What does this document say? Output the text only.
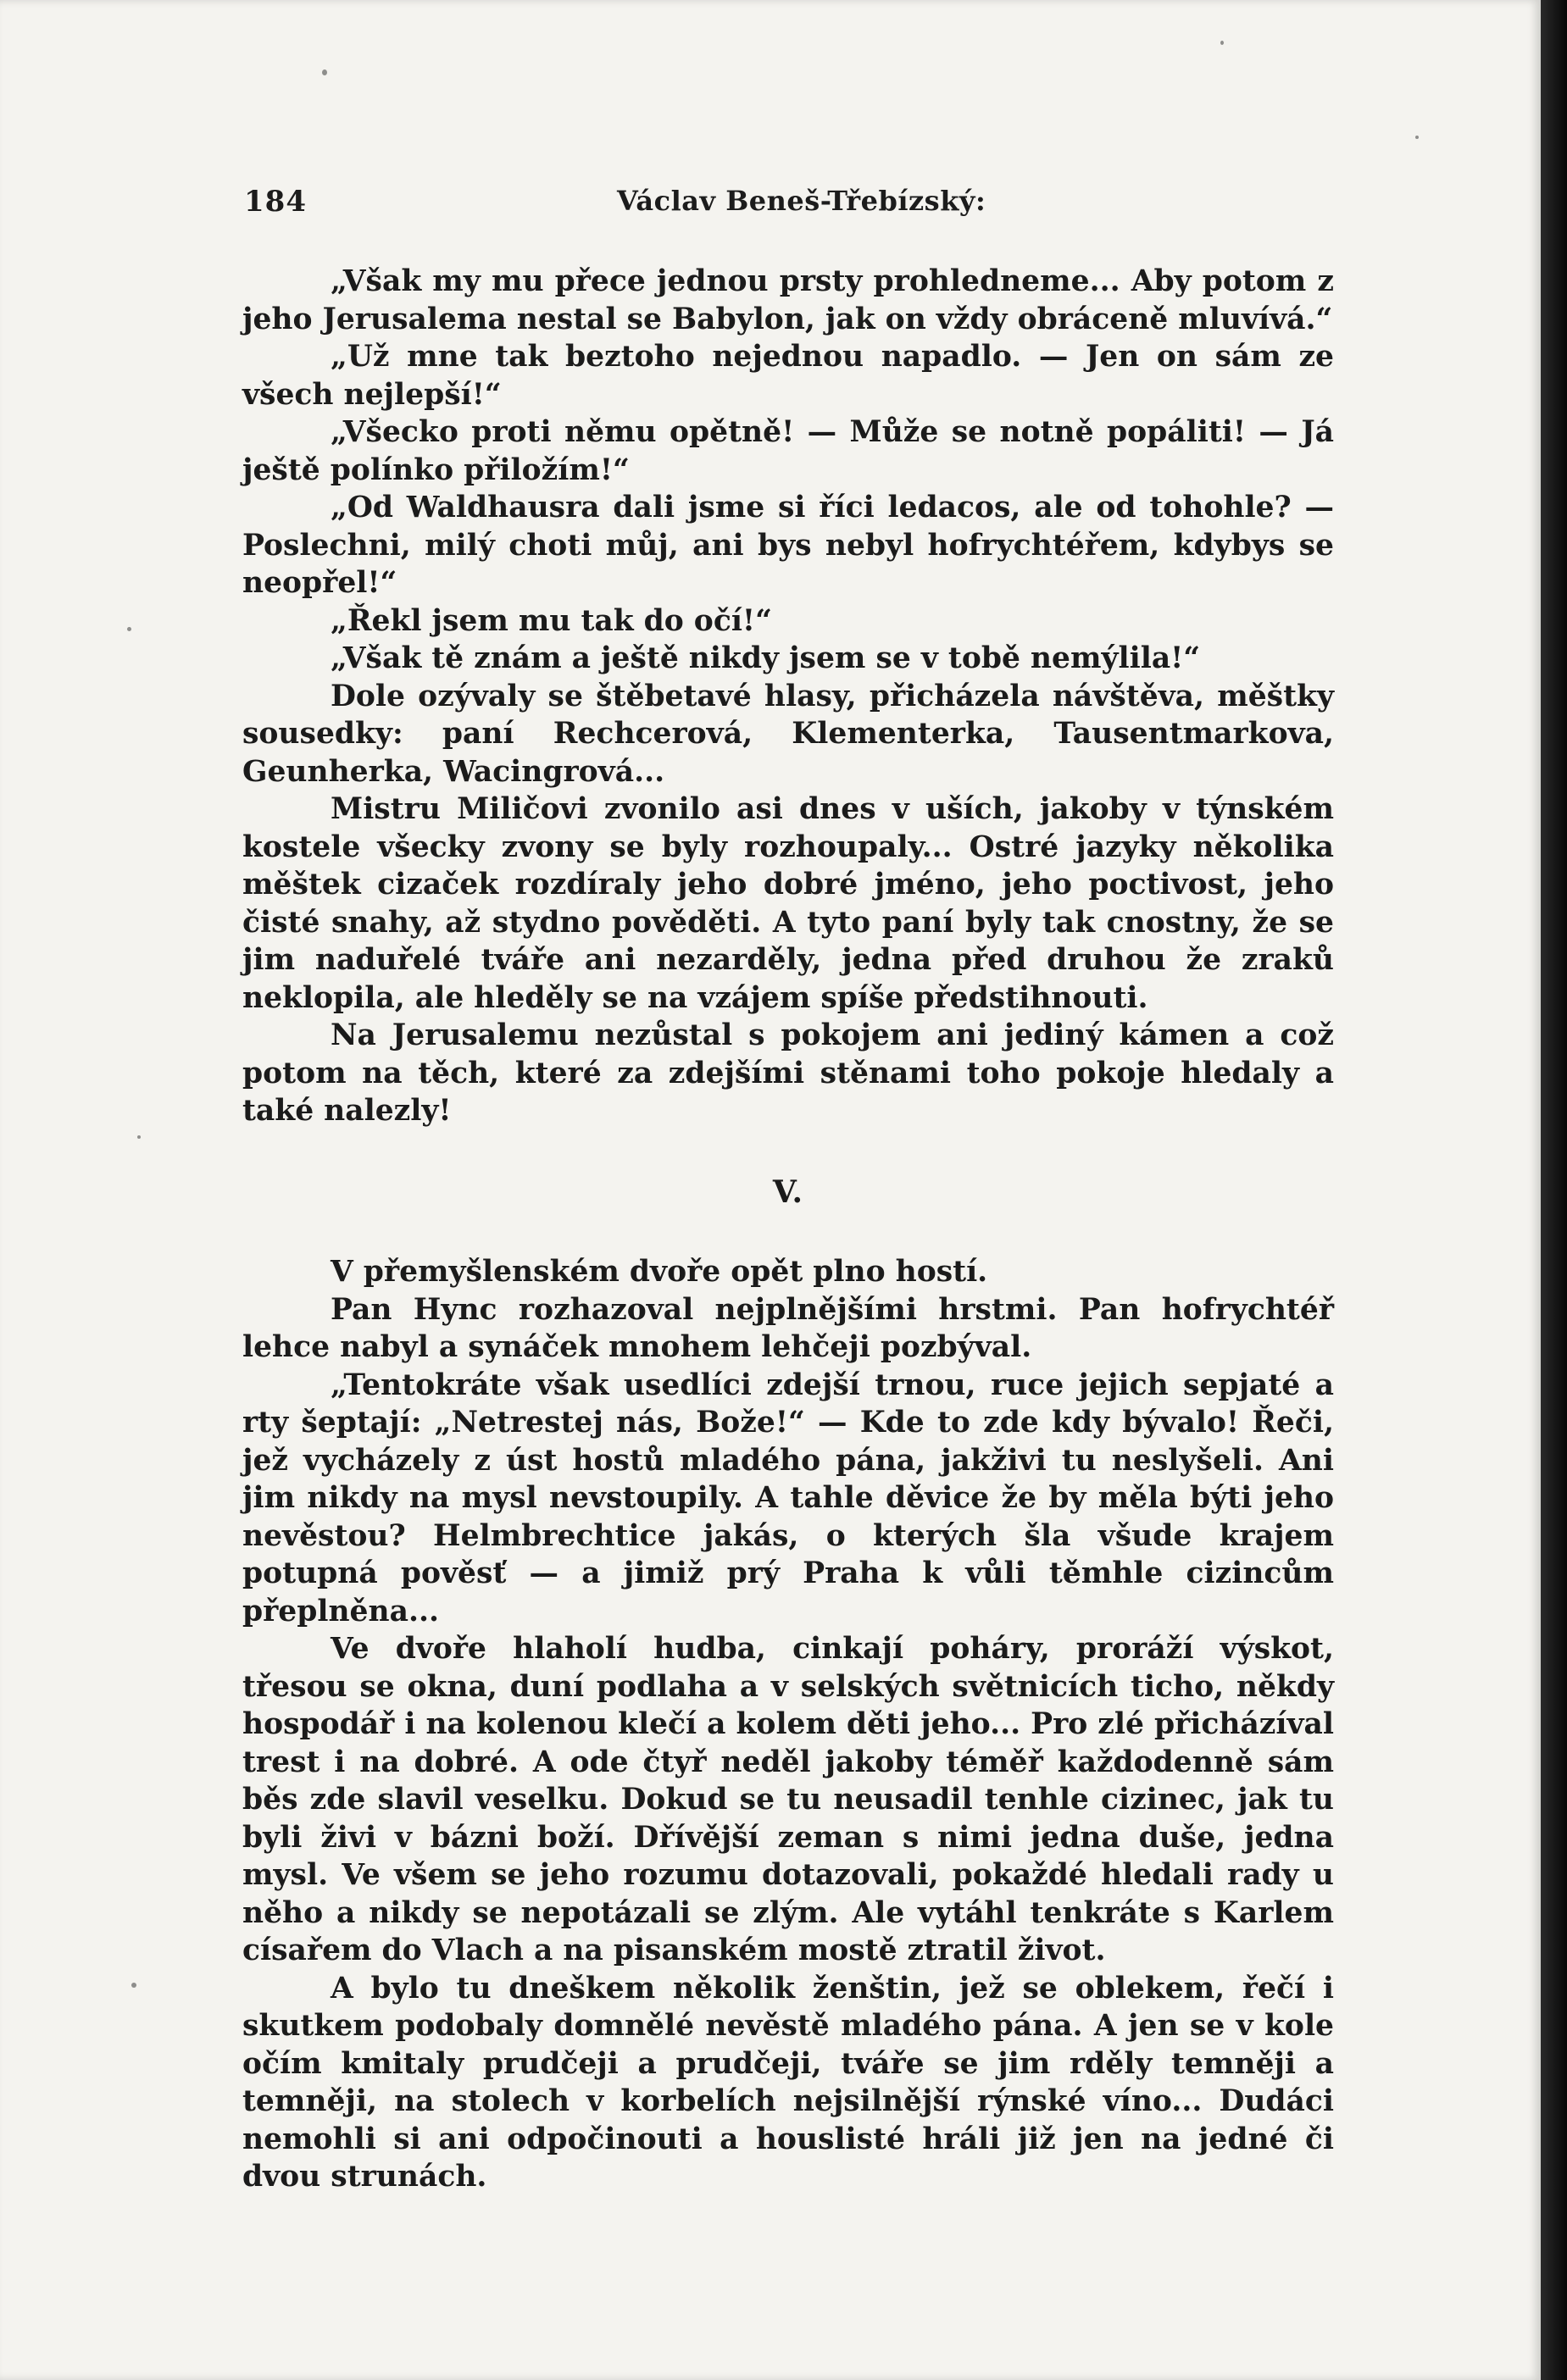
184	Václav Beneš-Třebízský:

„Však my mu přece jednou prsty prohledneme... Aby potom z jeho Jerusalema nestal se Babylon, jak on vždy obráceně mluvívá.“

„Už mne tak beztoho nejednou napadlo. — Jen on sám ze všech nejlepší!“

„Všecko proti němu opětně! — Může se notně popáliti! — Já ještě polínko přiložím!“

„Od Waldhausra dali jsme si říci ledacos, ale od tohohle? — Poslechni, milý choti můj, ani bys nebyl hofrychtéřem, kdybys se neopřel!“

„Řekl jsem mu tak do očí!“

„Však tě znám a ještě nikdy jsem se v tobě nemýlila!“

Dole ozývaly se štěbetavé hlasy, přicházela návštěva, měštky sousedky: paní Rechcerová, Klementerka, Tausentmarkova, Geunherka, Wacingrová...

Mistru Miličovi zvonilo asi dnes v uších, jakoby v týnském kostele všecky zvony se byly rozhoupaly... Ostré jazyky několika měštek cizaček rozdíraly jeho dobré jméno, jeho poctivost, jeho čisté snahy, až stydno pověděti. A tyto paní byly tak cnostny, že se jim naduřelé tváře ani nezarděly, jedna před druhou že zraků neklopila, ale hleděly se na vzájem spíše předstihnouti.

Na Jerusalemu nezůstal s pokojem ani jediný kámen a což potom na těch, které za zdejšími stěnami toho pokoje hledaly a také nalezly!

V.

V přemyšlenském dvoře opět plno hostí.

Pan Hync rozhazoval nejplnějšími hrstmi. Pan hofrychtéř lehce nabyl a synáček mnohem lehčeji pozbýval.

„Tentokráte však usedlíci zdejší trnou, ruce jejich sepjaté a rty šeptají: „Netrestej nás, Bože!“ — Kde to zde kdy bývalo! Řeči, jež vycházely z úst hostů mladého pána, jakživi tu neslyšeli. Ani jim nikdy na mysl nevstoupily. A tahle děvice že by měla býti jeho nevěstou? Helmbrechtice jakás, o kterých šla všude krajem potupná pověsť — a jimiž prý Praha k vůli těmhle cizincům přeplněna...

Ve dvoře hlaholí hudba, cinkají poháry, proráží výskot, třesou se okna, duní podlaha a v selských světnicích ticho, někdy hospodář i na kolenou klečí a kolem děti jeho... Pro zlé přicházíval trest i na dobré. A ode čtyř neděl jakoby téměř každodenně sám běs zde slavil veselku. Dokud se tu neusadil tenhle cizinec, jak tu byli živi v bázni boží. Dřívější zeman s nimi jedna duše, jedna mysl. Ve všem se jeho rozumu dotazovali, pokaždé hledali rady u něho a nikdy se nepotázali se zlým. Ale vytáhl tenkráte s Karlem císařem do Vlach a na pisanském mostě ztratil život.

A bylo tu dneškem několik ženštin, jež se oblekem, řečí i skutkem podobaly domnělé nevěstě mladého pána. A jen se v kole očím kmitaly prudčeji a prudčeji, tváře se jim rděly temněji a temněji, na stolech v korbelích nejsilnější rýnské víno... Dudáci nemohli si ani odpočinouti a houslisté hráli již jen na jedné či dvou strunách.
